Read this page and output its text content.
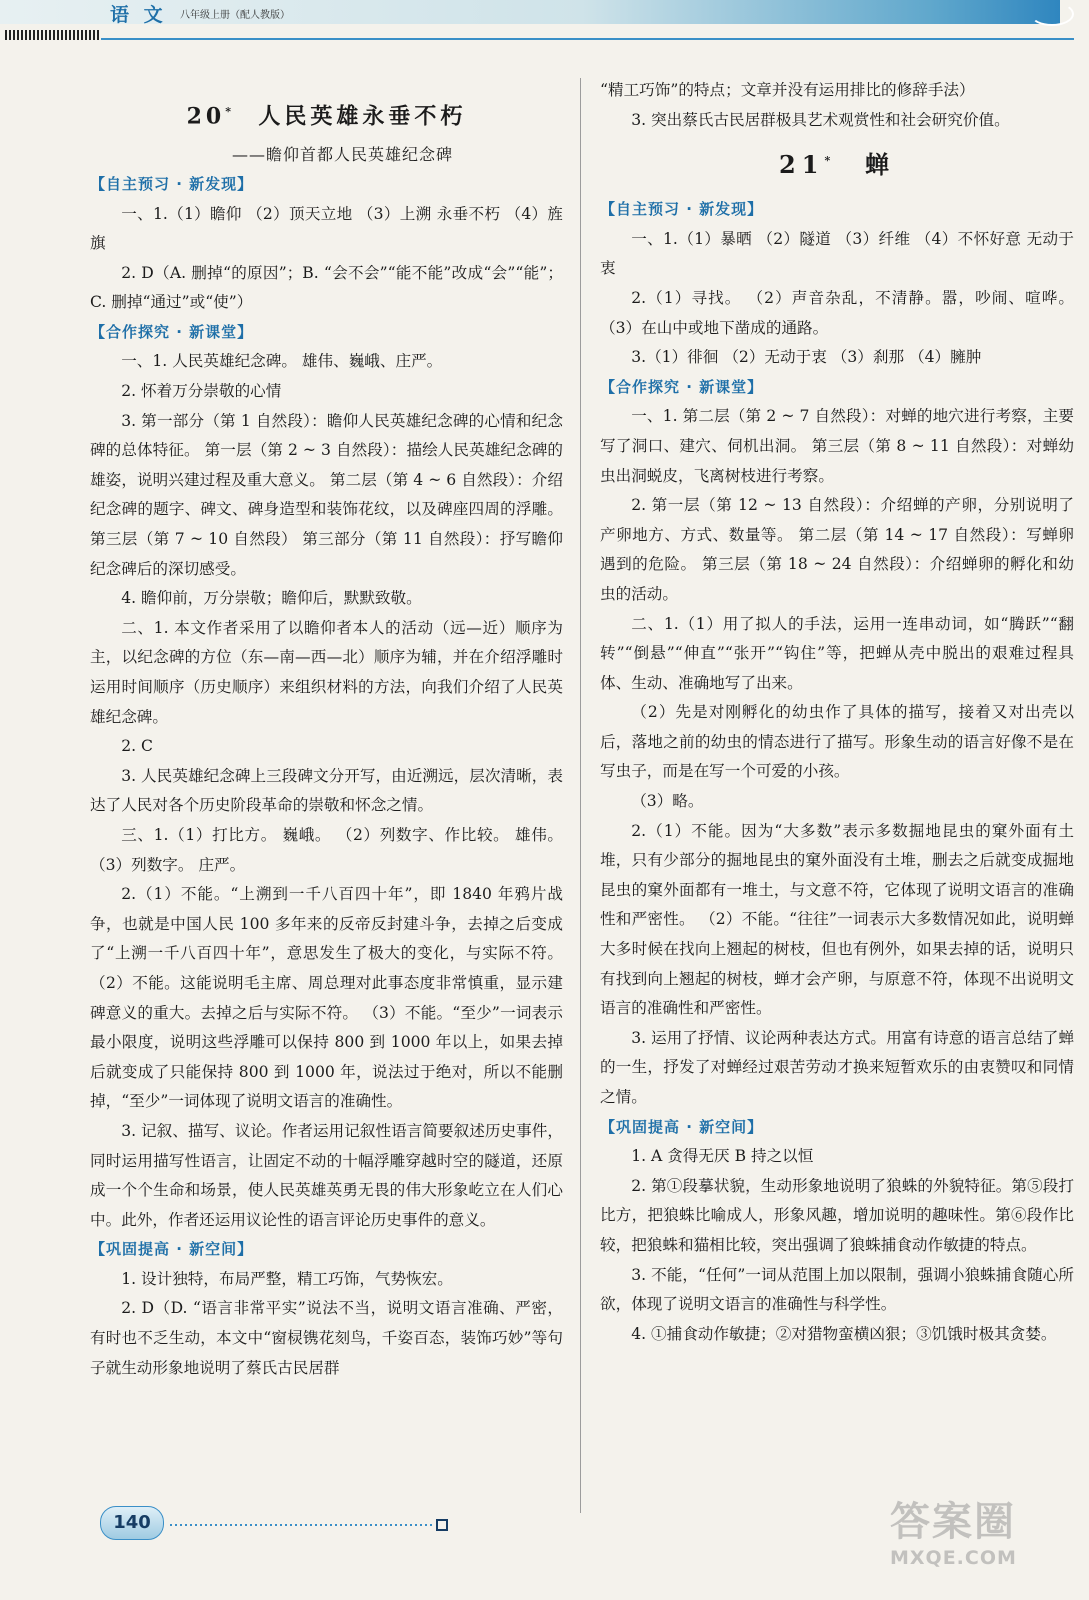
语 文 八年级上册（配人教版）
20* 人民英雄永垂不朽

——瞻仰首都人民英雄纪念碑

【自主预习 · 新发现】

一、1.（1）瞻仰 （2）顶天立地 （3）上溯 永垂不朽 （4）旌旗

2. D（A. 删掉“的原因”；B. “会不会”“能不能”改成“会”“能”；C. 删掉“通过”或“使”）

【合作探究 · 新课堂】

一、1. 人民英雄纪念碑。 雄伟、巍峨、庄严。

2. 怀着万分崇敬的心情

3. 第一部分（第 1 自然段）：瞻仰人民英雄纪念碑的心情和纪念碑的总体特征。 第一层（第 2 ~ 3 自然段）：描绘人民英雄纪念碑的雄姿，说明兴建过程及重大意义。 第二层（第 4 ~ 6 自然段）：介绍纪念碑的题字、碑文、碑身造型和装饰花纹，以及碑座四周的浮雕。 第三层（第 7 ~ 10 自然段） 第三部分（第 11 自然段）：抒写瞻仰纪念碑后的深切感受。

4. 瞻仰前，万分崇敬；瞻仰后，默默致敬。

二、1. 本文作者采用了以瞻仰者本人的活动（远—近）顺序为主，以纪念碑的方位（东—南—西—北）顺序为辅，并在介绍浮雕时运用时间顺序（历史顺序）来组织材料的方法，向我们介绍了人民英雄纪念碑。

2. C

3. 人民英雄纪念碑上三段碑文分开写，由近溯远，层次清晰，表达了人民对各个历史阶段革命的崇敬和怀念之情。

三、1.（1）打比方。 巍峨。 （2）列数字、作比较。 雄伟。 （3）列数字。 庄严。

2.（1）不能。“上溯到一千八百四十年”，即 1840 年鸦片战争，也就是中国人民 100 多年来的反帝反封建斗争，去掉之后变成了“上溯一千八百四十年”，意思发生了极大的变化，与实际不符。 （2）不能。这能说明毛主席、周总理对此事态度非常慎重，显示建碑意义的重大。去掉之后与实际不符。 （3）不能。“至少”一词表示最小限度，说明这些浮雕可以保持 800 到 1000 年以上，如果去掉后就变成了只能保持 800 到 1000 年，说法过于绝对，所以不能删掉，“至少”一词体现了说明文语言的准确性。

3. 记叙、描写、议论。作者运用记叙性语言简要叙述历史事件，同时运用描写性语言，让固定不动的十幅浮雕穿越时空的隧道，还原成一个个生命和场景，使人民英雄英勇无畏的伟大形象屹立在人们心中。此外，作者还运用议论性的语言评论历史事件的意义。

【巩固提高 · 新空间】

1. 设计独特，布局严整，精工巧饰，气势恢宏。

2. D（D. “语言非常平实”说法不当，说明文语言准确、严密，有时也不乏生动，本文中“窗棂镌花刻鸟，千姿百态，装饰巧妙”等句子就生动形象地说明了蔡氏古民居群

“精工巧饰”的特点；文章并没有运用排比的修辞手法）

3. 突出蔡氏古民居群极具艺术观赏性和社会研究价值。

21* 蝉

【自主预习 · 新发现】

一、1.（1）暴晒 （2）隧道 （3）纤维 （4）不怀好意 无动于衷

2.（1）寻找。 （2）声音杂乱，不清静。嚣，吵闹、喧哗。 （3）在山中或地下凿成的通路。

3.（1）徘徊 （2）无动于衷 （3）刹那 （4）臃肿

【合作探究 · 新课堂】

一、1. 第二层（第 2 ~ 7 自然段）：对蝉的地穴进行考察，主要写了洞口、建穴、伺机出洞。 第三层（第 8 ~ 11 自然段）：对蝉幼虫出洞蜕皮，飞离树枝进行考察。

2. 第一层（第 12 ~ 13 自然段）：介绍蝉的产卵，分别说明了产卵地方、方式、数量等。 第二层（第 14 ~ 17 自然段）：写蝉卵遇到的危险。 第三层（第 18 ~ 24 自然段）：介绍蝉卵的孵化和幼虫的活动。

二、1.（1）用了拟人的手法，运用一连串动词，如“腾跃”“翻转”“倒悬”“伸直”“张开”“钩住”等，把蝉从壳中脱出的艰难过程具体、生动、准确地写了出来。

（2）先是对刚孵化的幼虫作了具体的描写，接着又对出壳以后，落地之前的幼虫的情态进行了描写。形象生动的语言好像不是在写虫子，而是在写一个可爱的小孩。

（3）略。

2.（1）不能。因为“大多数”表示多数掘地昆虫的窠外面有土堆，只有少部分的掘地昆虫的窠外面没有土堆，删去之后就变成掘地昆虫的窠外面都有一堆土，与文意不符，它体现了说明文语言的准确性和严密性。 （2）不能。“往往”一词表示大多数情况如此，说明蝉大多时候在找向上翘起的树枝，但也有例外，如果去掉的话，说明只有找到向上翘起的树枝，蝉才会产卵，与原意不符，体现不出说明文语言的准确性和严密性。

3. 运用了抒情、议论两种表达方式。用富有诗意的语言总结了蝉的一生，抒发了对蝉经过艰苦劳动才换来短暂欢乐的由衷赞叹和同情之情。

【巩固提高 · 新空间】

1. A 贪得无厌 B 持之以恒

2. 第①段摹状貌，生动形象地说明了狼蛛的外貌特征。第⑤段打比方，把狼蛛比喻成人，形象风趣，增加说明的趣味性。第⑥段作比较，把狼蛛和猫相比较，突出强调了狼蛛捕食动作敏捷的特点。

3. 不能，“任何”一词从范围上加以限制，强调小狼蛛捕食随心所欲，体现了说明文语言的准确性与科学性。

4. ①捕食动作敏捷；②对猎物蛮横凶狠；③饥饿时极其贪婪。

140	答案圈
MXQE.COM
